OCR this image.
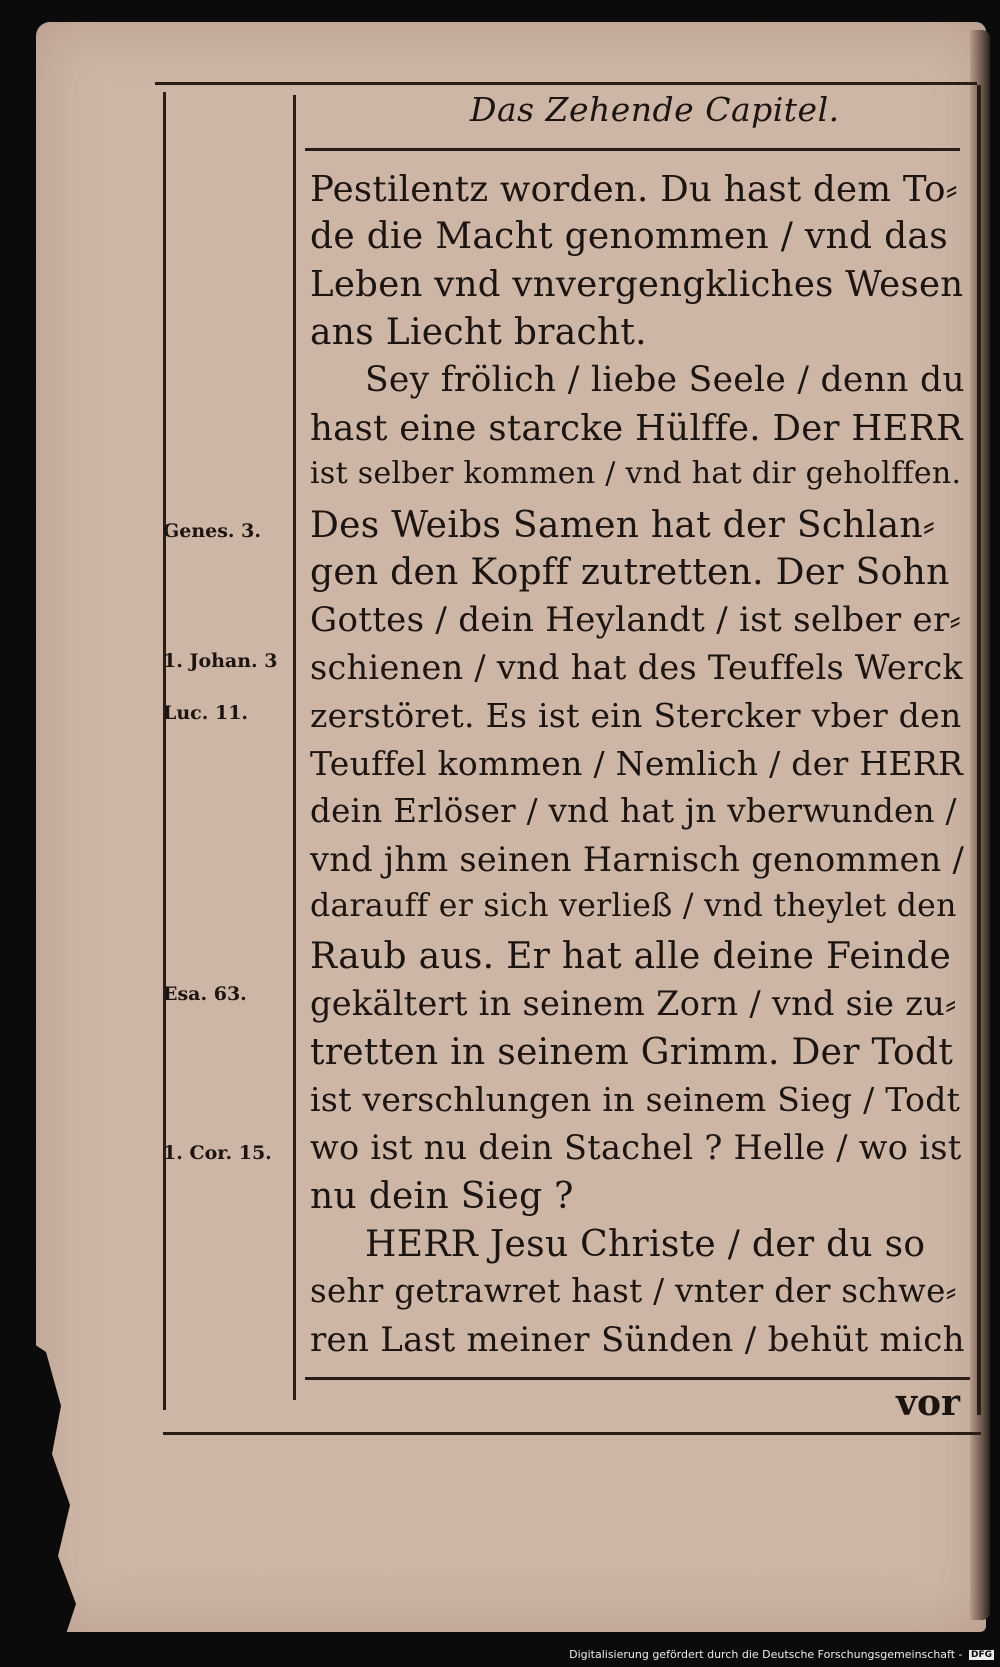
Das Zehende Capitel.
Pestilentz worden. Du hast dem To⸗
de die Macht genommen / vnd das
Leben vnd vnvergengkliches Wesen
ans Liecht bracht.
Sey frölich / liebe Seele / denn du
hast eine starcke Hülffe. Der HERR
ist selber kommen / vnd hat dir geholffen.
Des Weibs Samen hat der Schlan⸗
gen den Kopff zutretten. Der Sohn
Gottes / dein Heylandt / ist selber er⸗
schienen / vnd hat des Teuffels Werck
zerstöret. Es ist ein Stercker vber den
Teuffel kommen / Nemlich / der HERR
dein Erlöser / vnd hat jn vberwunden /
vnd jhm seinen Harnisch genommen /
darauff er sich verließ / vnd theylet den
Raub aus. Er hat alle deine Feinde
gekältert in seinem Zorn / vnd sie zu⸗
tretten in seinem Grimm. Der Todt
ist verschlungen in seinem Sieg / Todt
wo ist nu dein Stachel ? Helle / wo ist
nu dein Sieg ?
HERR Jesu Christe / der du so
sehr getrawret hast / vnter der schwe⸗
ren Last meiner Sünden / behüt mich
Genes. 3.
1. Johan. 3
Luc. 11.
Esa. 63.
1. Cor. 15.
vor
Digitalisierung gefördert durch die Deutsche Forschungsgemeinschaft - DFG
